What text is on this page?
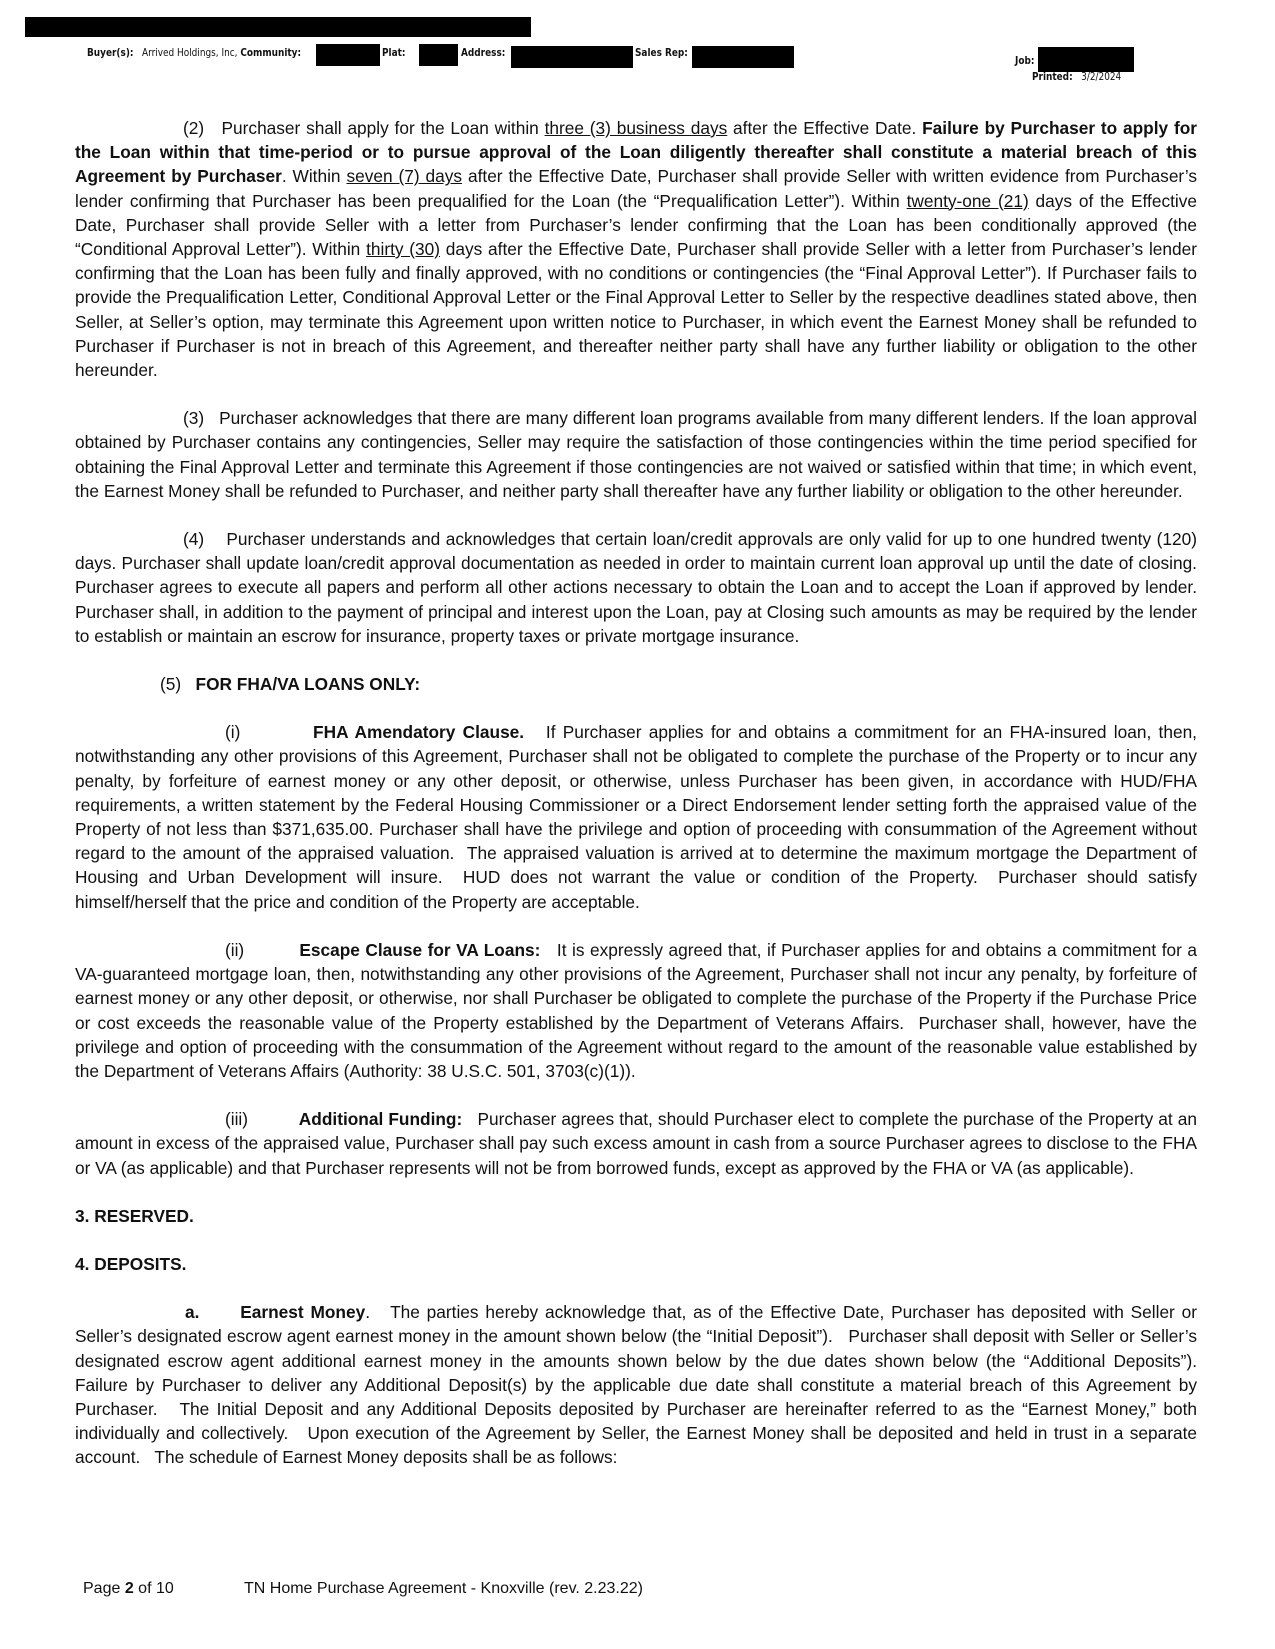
Buyer(s): Arrived Holdings, Inc, Community:	Plat:	Address:	Sales Rep:
Job:
Printed: 3/2/2024
(2)   Purchaser shall apply for the Loan within three (3) business days after the Effective Date. Failure by Purchaser to apply for the Loan within that time-period or to pursue approval of the Loan diligently thereafter shall constitute a material breach of this Agreement by Purchaser. Within seven (7) days after the Effective Date, Purchaser shall provide Seller with written evidence from Purchaser’s lender confirming that Purchaser has been prequalified for the Loan (the “Prequalification Letter”). Within twenty-one (21) days of the Effective Date, Purchaser shall provide Seller with a letter from Purchaser’s lender confirming that the Loan has been conditionally approved (the “Conditional Approval Letter”). Within thirty (30) days after the Effective Date, Purchaser shall provide Seller with a letter from Purchaser’s lender confirming that the Loan has been fully and finally approved, with no conditions or contingencies (the “Final Approval Letter”). If Purchaser fails to provide the Prequalification Letter, Conditional Approval Letter or the Final Approval Letter to Seller by the respective deadlines stated above, then Seller, at Seller’s option, may terminate this Agreement upon written notice to Purchaser, in which event the Earnest Money shall be refunded to Purchaser if Purchaser is not in breach of this Agreement, and thereafter neither party shall have any further liability or obligation to the other hereunder.
(3)   Purchaser acknowledges that there are many different loan programs available from many different lenders. If the loan approval obtained by Purchaser contains any contingencies, Seller may require the satisfaction of those contingencies within the time period specified for obtaining the Final Approval Letter and terminate this Agreement if those contingencies are not waived or satisfied within that time; in which event, the Earnest Money shall be refunded to Purchaser, and neither party shall thereafter have any further liability or obligation to the other hereunder.
(4)    Purchaser understands and acknowledges that certain loan/credit approvals are only valid for up to one hundred twenty (120) days. Purchaser shall update loan/credit approval documentation as needed in order to maintain current loan approval up until the date of closing. Purchaser agrees to execute all papers and perform all other actions necessary to obtain the Loan and to accept the Loan if approved by lender. Purchaser shall, in addition to the payment of principal and interest upon the Loan, pay at Closing such amounts as may be required by the lender to establish or maintain an escrow for insurance, property taxes or private mortgage insurance.
(5)   FOR FHA/VA LOANS ONLY:
(i)          FHA Amendatory Clause.   If Purchaser applies for and obtains a commitment for an FHA-insured loan, then, notwithstanding any other provisions of this Agreement, Purchaser shall not be obligated to complete the purchase of the Property or to incur any penalty, by forfeiture of earnest money or any other deposit, or otherwise, unless Purchaser has been given, in accordance with HUD/FHA requirements, a written statement by the Federal Housing Commissioner or a Direct Endorsement lender setting forth the appraised value of the Property of not less than $371,635.00. Purchaser shall have the privilege and option of proceeding with consummation of the Agreement without regard to the amount of the appraised valuation.  The appraised valuation is arrived at to determine the maximum mortgage the Department of Housing and Urban Development will insure.  HUD does not warrant the value or condition of the Property.  Purchaser should satisfy himself/herself that the price and condition of the Property are acceptable.
(ii)          Escape Clause for VA Loans:   It is expressly agreed that, if Purchaser applies for and obtains a commitment for a VA-guaranteed mortgage loan, then, notwithstanding any other provisions of the Agreement, Purchaser shall not incur any penalty, by forfeiture of earnest money or any other deposit, or otherwise, nor shall Purchaser be obligated to complete the purchase of the Property if the Purchase Price or cost exceeds the reasonable value of the Property established by the Department of Veterans Affairs.  Purchaser shall, however, have the privilege and option of proceeding with the consummation of the Agreement without regard to the amount of the reasonable value established by the Department of Veterans Affairs (Authority: 38 U.S.C. 501, 3703(c)(1)).
(iii)          Additional Funding:   Purchaser agrees that, should Purchaser elect to complete the purchase of the Property at an amount in excess of the appraised value, Purchaser shall pay such excess amount in cash from a source Purchaser agrees to disclose to the FHA or VA (as applicable) and that Purchaser represents will not be from borrowed funds, except as approved by the FHA or VA (as applicable).
3. RESERVED.
4. DEPOSITS.
a.      Earnest Money.   The parties hereby acknowledge that, as of the Effective Date, Purchaser has deposited with Seller or Seller’s designated escrow agent earnest money in the amount shown below (the “Initial Deposit”).   Purchaser shall deposit with Seller or Seller’s designated escrow agent additional earnest money in the amounts shown below by the due dates shown below (the “Additional Deposits”).   Failure by Purchaser to deliver any Additional Deposit(s) by the applicable due date shall constitute a material breach of this Agreement by Purchaser.   The Initial Deposit and any Additional Deposits deposited by Purchaser are hereinafter referred to as the “Earnest Money,” both individually and collectively.   Upon execution of the Agreement by Seller, the Earnest Money shall be deposited and held in trust in a separate account.   The schedule of Earnest Money deposits shall be as follows:
Page 2 of 10	TN Home Purchase Agreement - Knoxville (rev. 2.23.22)
